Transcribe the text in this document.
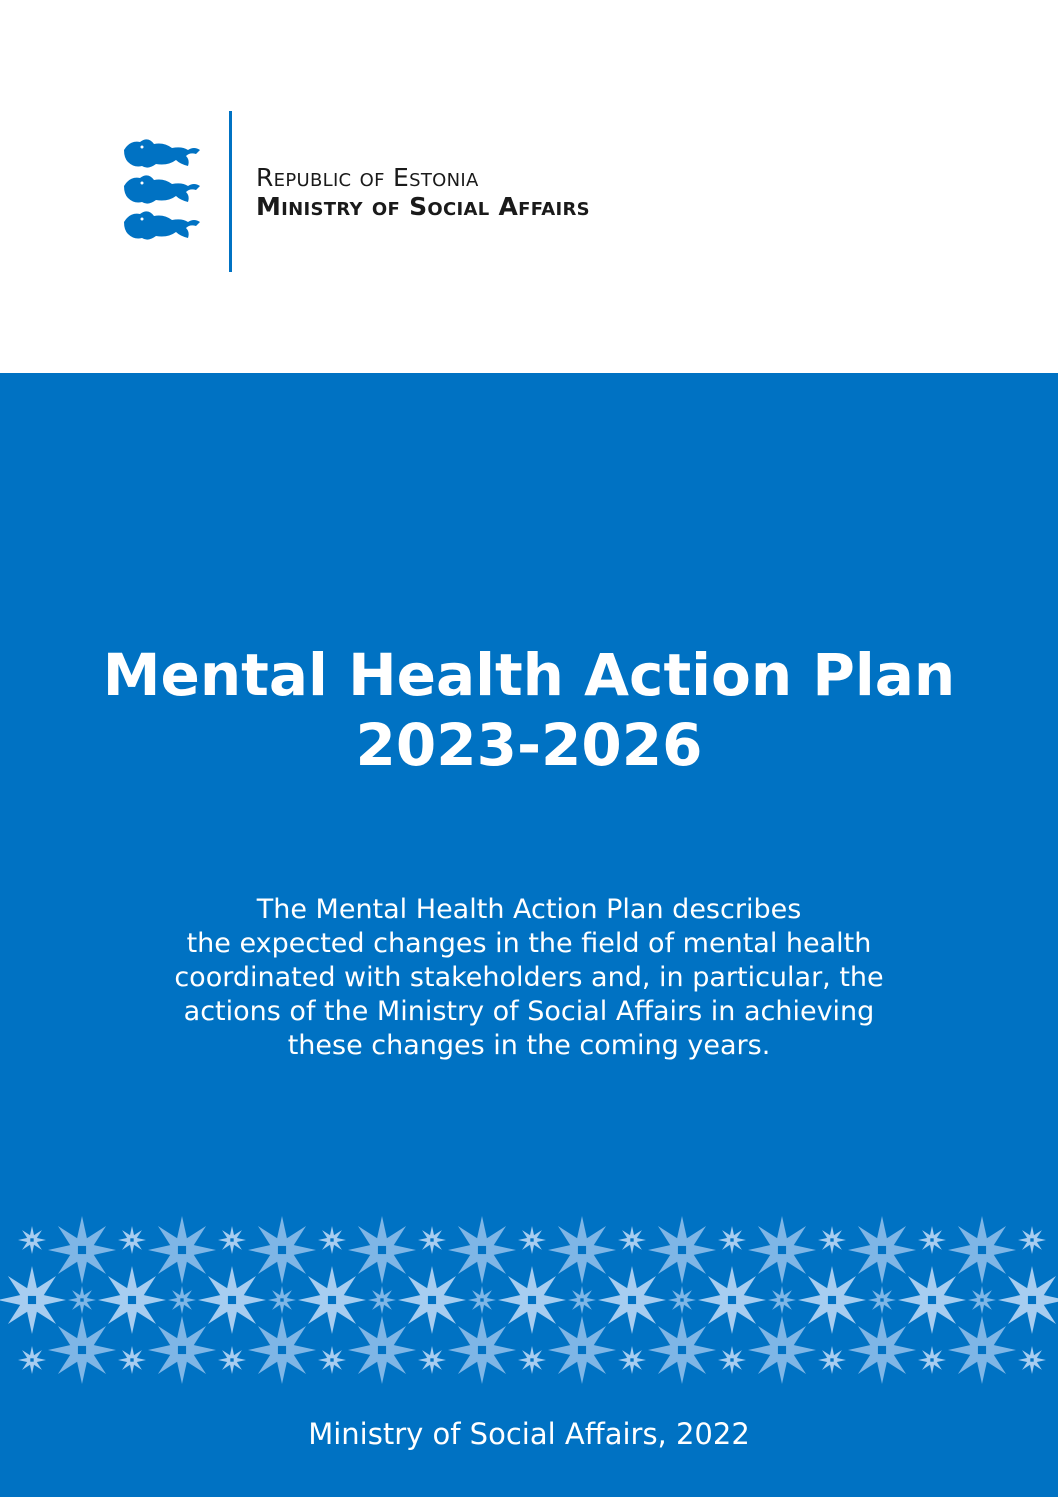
Republic of Estonia
Ministry of Social Affairs
Mental Health Action Plan
2023-2026
The Mental Health Action Plan describes
the expected changes in the field of mental health
coordinated with stakeholders and, in particular, the
actions of the Ministry of Social Affairs in achieving
these changes in the coming years.
Ministry of Social Affairs, 2022
